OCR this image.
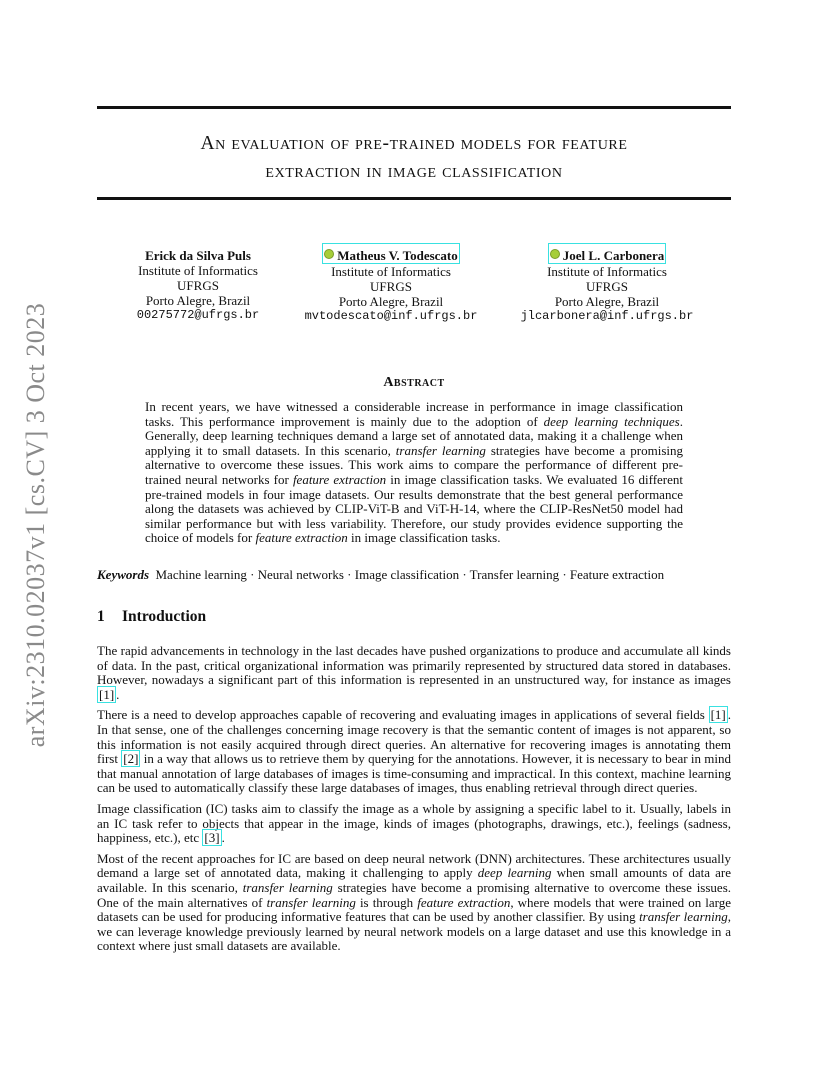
arXiv:2310.02037v1 [cs.CV] 3 Oct 2023
An evaluation of pre-trained models for feature
extraction in image classification
Erick da Silva Puls
Institute of Informatics
UFRGS
Porto Alegre, Brazil
00275772@ufrgs.br
Matheus V. Todescato
Institute of Informatics
UFRGS
Porto Alegre, Brazil
mvtodescato@inf.ufrgs.br
Joel L. Carbonera
Institute of Informatics
UFRGS
Porto Alegre, Brazil
jlcarbonera@inf.ufrgs.br
Abstract
In recent years, we have witnessed a considerable increase in performance in image classification tasks. This performance improvement is mainly due to the adoption of deep learning techniques. Generally, deep learning techniques demand a large set of annotated data, making it a challenge when applying it to small datasets. In this scenario, transfer learning strategies have become a promising alternative to overcome these issues. This work aims to compare the performance of different pre-trained neural networks for feature extraction in image classification tasks. We evaluated 16 different pre-trained models in four image datasets. Our results demonstrate that the best general performance along the datasets was achieved by CLIP-ViT-B and ViT-H-14, where the CLIP-ResNet50 model had similar performance but with less variability. Therefore, our study provides evidence supporting the choice of models for feature extraction in image classification tasks.
Keywords Machine learning · Neural networks · Image classification · Transfer learning · Feature extraction
1 Introduction

The rapid advancements in technology in the last decades have pushed organizations to produce and accumulate all kinds of data. In the past, critical organizational information was primarily represented by structured data stored in databases. However, nowadays a significant part of this information is represented in an unstructured way, for instance as images [1] .

There is a need to develop approaches capable of recovering and evaluating images in applications of several fields [1] . In that sense, one of the challenges concerning image recovery is that the semantic content of images is not apparent, so this information is not easily acquired through direct queries. An alternative for recovering images is annotating them first [2] in a way that allows us to retrieve them by querying for the annotations. However, it is necessary to bear in mind that manual annotation of large databases of images is time-consuming and impractical. In this context, machine learning can be used to automatically classify these large databases of images, thus enabling retrieval through direct queries.

Image classification (IC) tasks aim to classify the image as a whole by assigning a specific label to it. Usually, labels in an IC task refer to objects that appear in the image, kinds of images (photographs, drawings, etc.), feelings (sadness, happiness, etc.), etc [3] .

Most of the recent approaches for IC are based on deep neural network (DNN) architectures. These architectures usually demand a large set of annotated data, making it challenging to apply deep learning when small amounts of data are available. In this scenario, transfer learning strategies have become a promising alternative to overcome these issues. One of the main alternatives of transfer learning is through feature extraction, where models that were trained on large datasets can be used for producing informative features that can be used by another classifier. By using transfer learning, we can leverage knowledge previously learned by neural network models on a large dataset and use this knowledge in a context where just small datasets are available.
